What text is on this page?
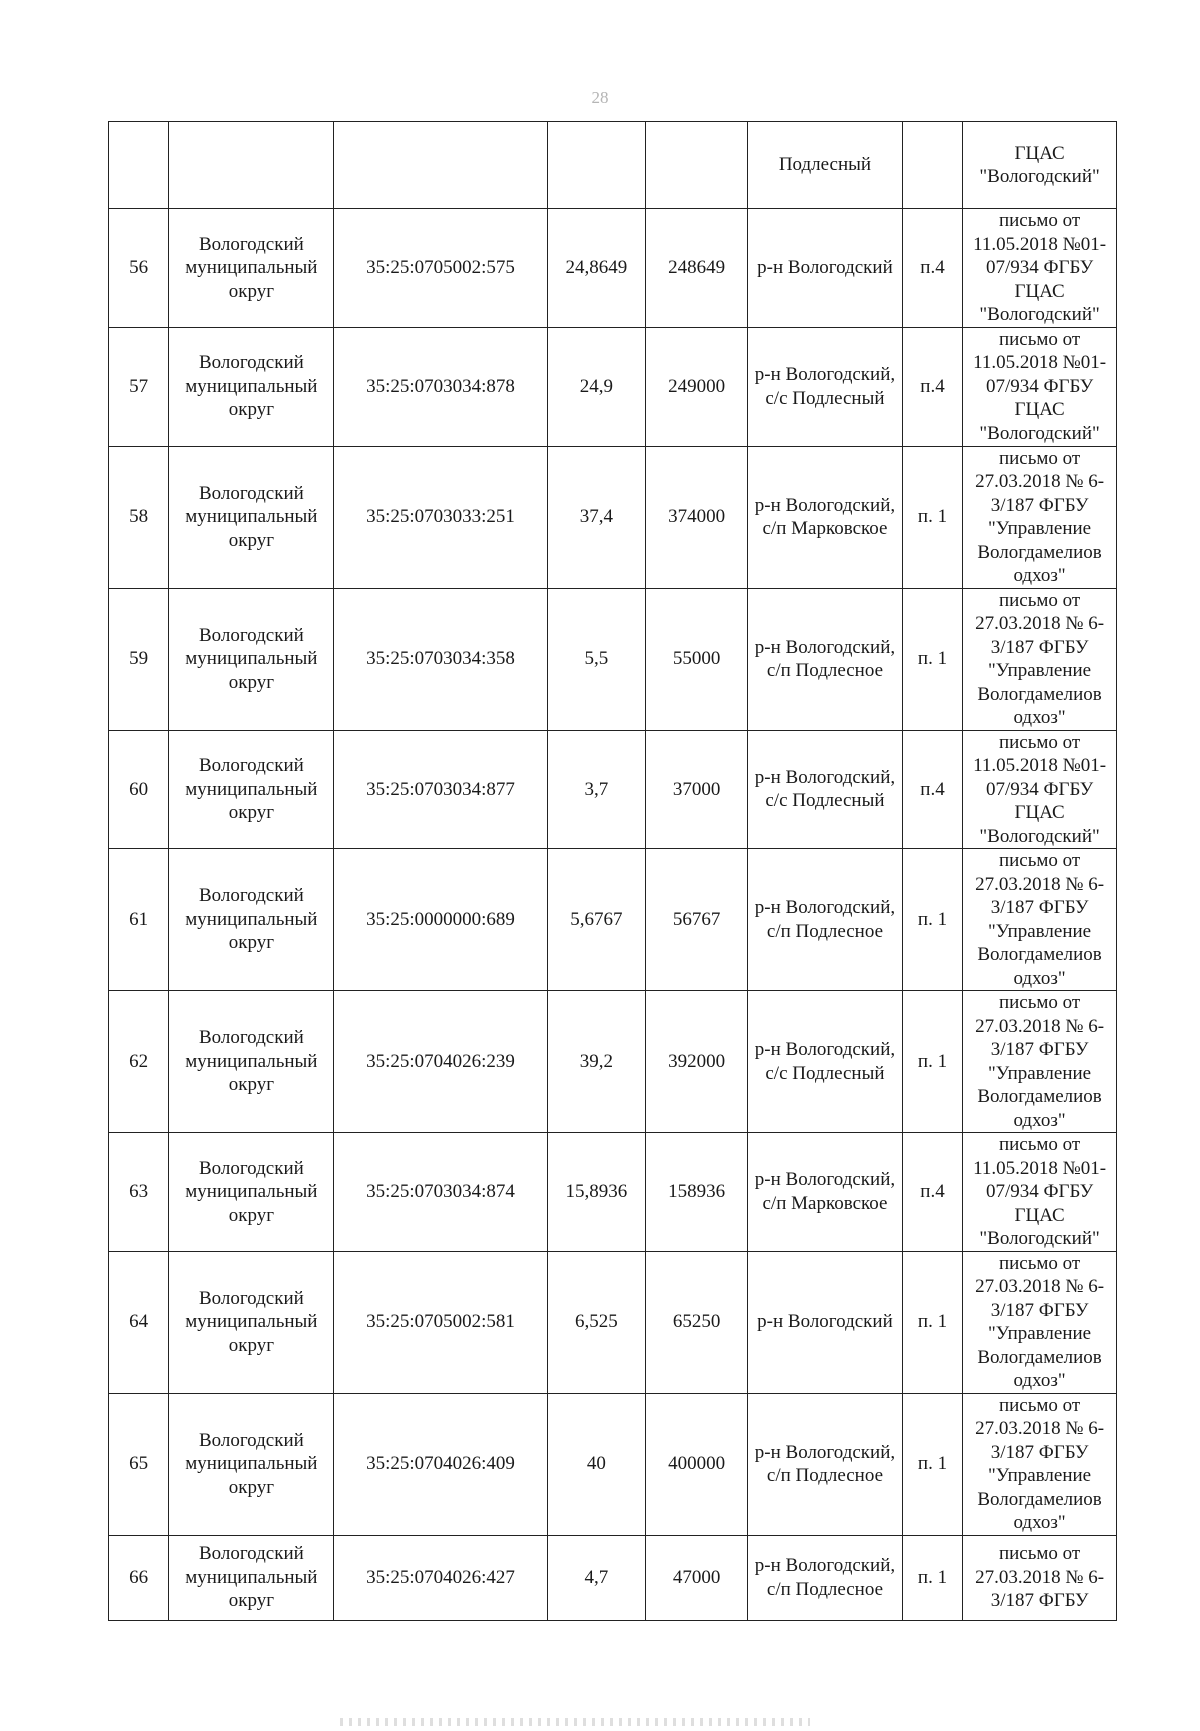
28
					Подлесный		ГЦАС "Вологодский"
56	Вологодский муниципальный округ	35:25:0705002:575	24,8649	248649	р-н Вологодский	п.4	письмо от 11.05.2018 №01-07/934 ФГБУ ГЦАС "Вологодский"
57	Вологодский муниципальный округ	35:25:0703034:878	24,9	249000	р-н Вологодский, с/с Подлесный	п.4	письмо от 11.05.2018 №01-07/934 ФГБУ ГЦАС "Вологодский"
58	Вологодский муниципальный округ	35:25:0703033:251	37,4	374000	р-н Вологодский, с/п Марковское	п. 1	письмо от 27.03.2018 № 6-3/187 ФГБУ "Управление Вологдамелиов одхоз"
59	Вологодский муниципальный округ	35:25:0703034:358	5,5	55000	р-н Вологодский, с/п Подлесное	п. 1	письмо от 27.03.2018 № 6-3/187 ФГБУ "Управление Вологдамелиов одхоз"
60	Вологодский муниципальный округ	35:25:0703034:877	3,7	37000	р-н Вологодский, с/с Подлесный	п.4	письмо от 11.05.2018 №01-07/934 ФГБУ ГЦАС "Вологодский"
61	Вологодский муниципальный округ	35:25:0000000:689	5,6767	56767	р-н Вологодский, с/п Подлесное	п. 1	письмо от 27.03.2018 № 6-3/187 ФГБУ "Управление Вологдамелиов одхоз"
62	Вологодский муниципальный округ	35:25:0704026:239	39,2	392000	р-н Вологодский, с/с Подлесный	п. 1	письмо от 27.03.2018 № 6-3/187 ФГБУ "Управление Вологдамелиов одхоз"
63	Вологодский муниципальный округ	35:25:0703034:874	15,8936	158936	р-н Вологодский, с/п Марковское	п.4	письмо от 11.05.2018 №01-07/934 ФГБУ ГЦАС "Вологодский"
64	Вологодский муниципальный округ	35:25:0705002:581	6,525	65250	р-н Вологодский	п. 1	письмо от 27.03.2018 № 6-3/187 ФГБУ "Управление Вологдамелиов одхоз"
65	Вологодский муниципальный округ	35:25:0704026:409	40	400000	р-н Вологодский, с/п Подлесное	п. 1	письмо от 27.03.2018 № 6-3/187 ФГБУ "Управление Вологдамелиов одхоз"
66	Вологодский муниципальный округ	35:25:0704026:427	4,7	47000	р-н Вологодский, с/п Подлесное	п. 1	письмо от 27.03.2018 № 6-3/187 ФГБУ
